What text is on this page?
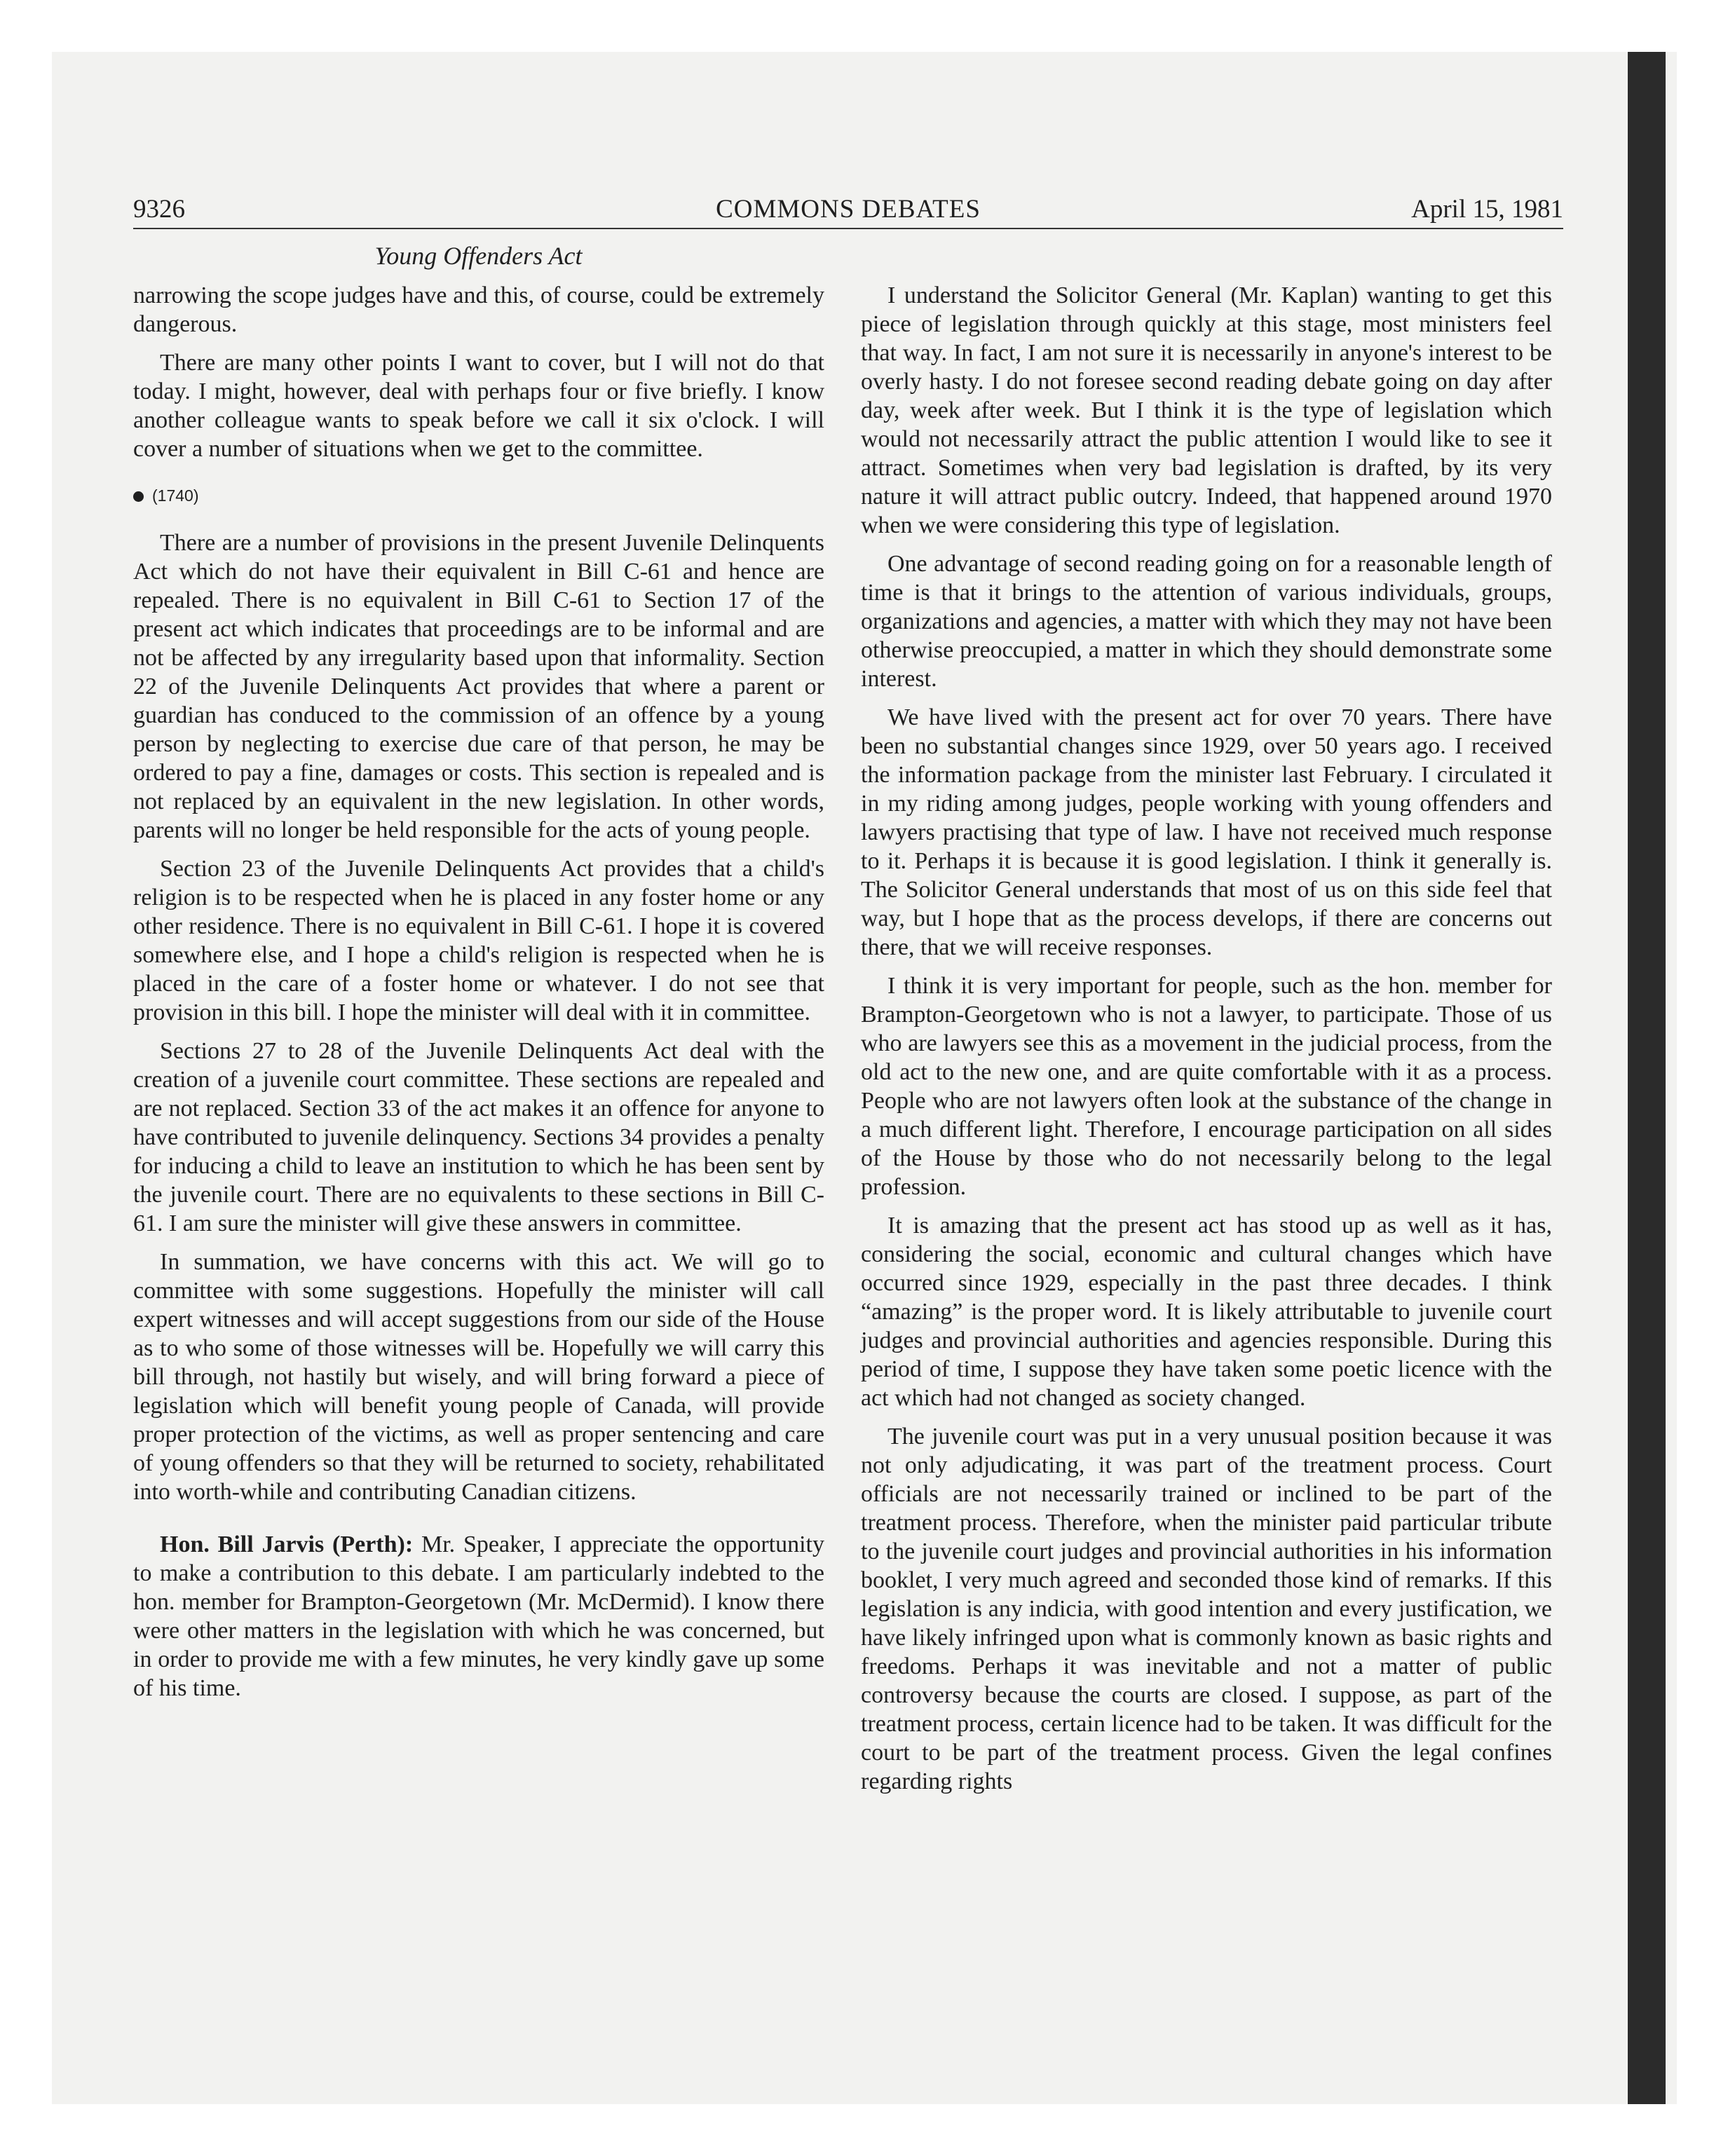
9326	COMMONS DEBATES	April 15, 1981
Young Offenders Act

narrowing the scope judges have and this, of course, could be extremely dangerous.

There are many other points I want to cover, but I will not do that today. I might, however, deal with perhaps four or five briefly. I know another colleague wants to speak before we call it six o'clock. I will cover a number of situations when we get to the committee.

(1740)

There are a number of provisions in the present Juvenile Delinquents Act which do not have their equivalent in Bill C-61 and hence are repealed. There is no equivalent in Bill C-61 to Section 17 of the present act which indicates that proceedings are to be informal and are not be affected by any irregularity based upon that informality. Section 22 of the Juvenile Delinquents Act provides that where a parent or guardian has conduced to the commission of an offence by a young person by neglecting to exercise due care of that person, he may be ordered to pay a fine, damages or costs. This section is repealed and is not replaced by an equivalent in the new legislation. In other words, parents will no longer be held responsible for the acts of young people.

Section 23 of the Juvenile Delinquents Act provides that a child's religion is to be respected when he is placed in any foster home or any other residence. There is no equivalent in Bill C-61. I hope it is covered somewhere else, and I hope a child's religion is respected when he is placed in the care of a foster home or whatever. I do not see that provision in this bill. I hope the minister will deal with it in committee.

Sections 27 to 28 of the Juvenile Delinquents Act deal with the creation of a juvenile court committee. These sections are repealed and are not replaced. Section 33 of the act makes it an offence for anyone to have contributed to juvenile delinquency. Sections 34 provides a penalty for inducing a child to leave an institution to which he has been sent by the juvenile court. There are no equivalents to these sections in Bill C-61. I am sure the minister will give these answers in committee.

In summation, we have concerns with this act. We will go to committee with some suggestions. Hopefully the minister will call expert witnesses and will accept suggestions from our side of the House as to who some of those witnesses will be. Hopefully we will carry this bill through, not hastily but wisely, and will bring forward a piece of legislation which will benefit young people of Canada, will provide proper protection of the victims, as well as proper sentencing and care of young offenders so that they will be returned to society, rehabilitated into worth-while and contributing Canadian citizens.

Hon. Bill Jarvis (Perth): Mr. Speaker, I appreciate the opportunity to make a contribution to this debate. I am particularly indebted to the hon. member for Brampton-Georgetown (Mr. McDermid). I know there were other matters in the legislation with which he was concerned, but in order to provide me with a few minutes, he very kindly gave up some of his time.

I understand the Solicitor General (Mr. Kaplan) wanting to get this piece of legislation through quickly at this stage, most ministers feel that way. In fact, I am not sure it is necessarily in anyone's interest to be overly hasty. I do not foresee second reading debate going on day after day, week after week. But I think it is the type of legislation which would not necessarily attract the public attention I would like to see it attract. Sometimes when very bad legislation is drafted, by its very nature it will attract public outcry. Indeed, that happened around 1970 when we were considering this type of legislation.

One advantage of second reading going on for a reasonable length of time is that it brings to the attention of various individuals, groups, organizations and agencies, a matter with which they may not have been otherwise preoccupied, a matter in which they should demonstrate some interest.

We have lived with the present act for over 70 years. There have been no substantial changes since 1929, over 50 years ago. I received the information package from the minister last February. I circulated it in my riding among judges, people working with young offenders and lawyers practising that type of law. I have not received much response to it. Perhaps it is because it is good legislation. I think it generally is. The Solicitor General understands that most of us on this side feel that way, but I hope that as the process develops, if there are concerns out there, that we will receive responses.

I think it is very important for people, such as the hon. member for Brampton-Georgetown who is not a lawyer, to participate. Those of us who are lawyers see this as a movement in the judicial process, from the old act to the new one, and are quite comfortable with it as a process. People who are not lawyers often look at the substance of the change in a much different light. Therefore, I encourage participation on all sides of the House by those who do not necessarily belong to the legal profession.

It is amazing that the present act has stood up as well as it has, considering the social, economic and cultural changes which have occurred since 1929, especially in the past three decades. I think “amazing” is the proper word. It is likely attributable to juvenile court judges and provincial authorities and agencies responsible. During this period of time, I suppose they have taken some poetic licence with the act which had not changed as society changed.

The juvenile court was put in a very unusual position because it was not only adjudicating, it was part of the treatment process. Court officials are not necessarily trained or inclined to be part of the treatment process. Therefore, when the minister paid particular tribute to the juvenile court judges and provincial authorities in his information booklet, I very much agreed and seconded those kind of remarks. If this legislation is any indicia, with good intention and every justification, we have likely infringed upon what is commonly known as basic rights and freedoms. Perhaps it was inevitable and not a matter of public controversy because the courts are closed. I suppose, as part of the treatment process, certain licence had to be taken. It was difficult for the court to be part of the treatment process. Given the legal confines regarding rights
